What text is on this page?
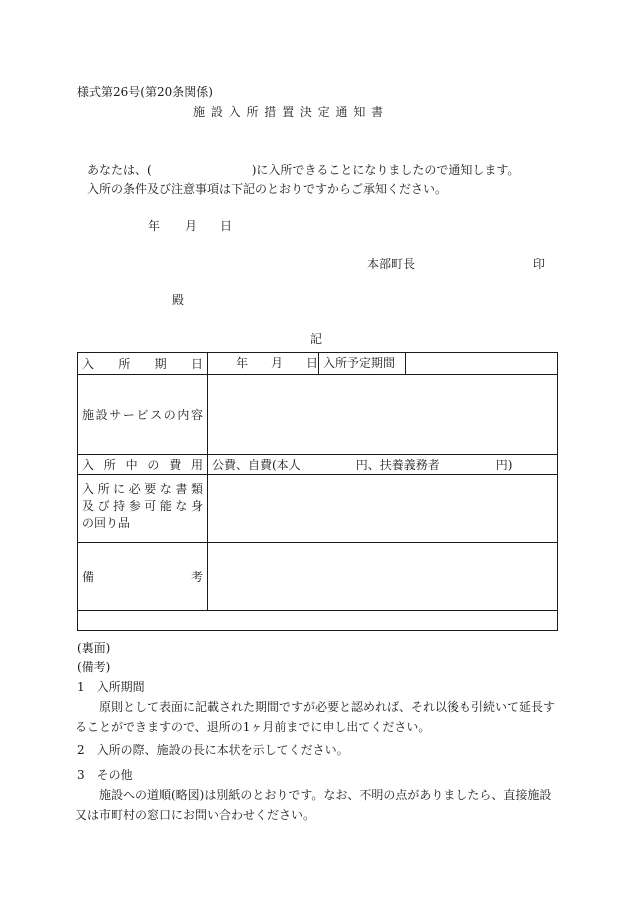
様式第26号(第20条関係)
施 設 入 所 措 置 決 定 通 知 書
あなたは、(	)に入所できることになりましたので通知します。
入所の条件及び注意事項は下記のとおりですからご承知ください。
年 月 日
本部町長	印
殿
記
入所期日	年 月 日 入所予定期間

施設サービスの内容	

入所中の費用	公費、自費(本人 円、扶養義務者 円)

入所に必要な書類
及び持参可能な身
の回り品	

備 考	

(裏面)
(備考)
1　入所期間
原則として表面に記載された期間ですが必要と認めれば、それ以後も引続いて延長することができますので、退所の1ヶ月前までに申し出てください。
2　入所の際、施設の長に本状を示してください。
3　その他
施設への道順(略図)は別紙のとおりです。なお、不明の点がありましたら、直接施設又は市町村の窓口にお問い合わせください。
